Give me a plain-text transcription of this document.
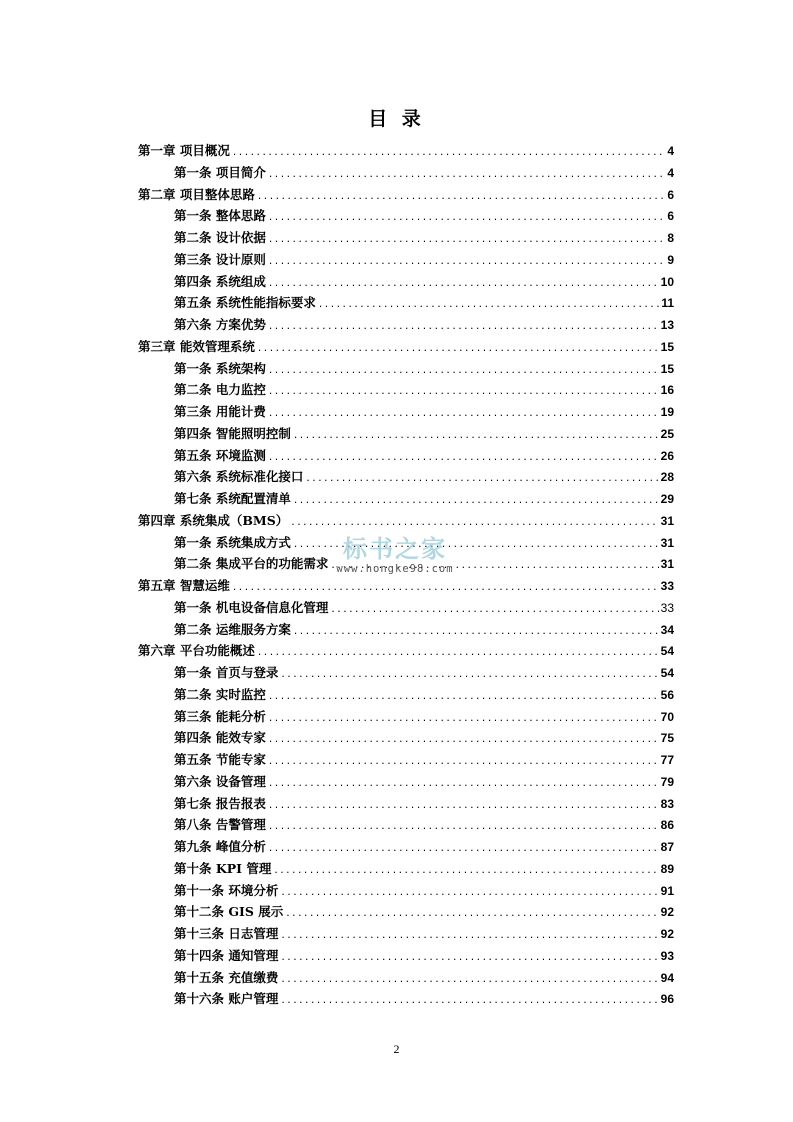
目 录
第一章 项目概况 .....	4
第一条 项目简介 .....	4
第二章 项目整体思路 .....	6
第一条 整体思路 .....	6
第二条 设计依据 .....	8
第三条 设计原则 .....	9
第四条 系统组成 .....	10
第五条 系统性能指标要求 .....	11
第六条 方案优势 .....	13
第三章 能效管理系统 .....	15
第一条 系统架构 .....	15
第二条 电力监控 .....	16
第三条 用能计费 .....	19
第四条 智能照明控制 .....	25
第五条 环境监测 .....	26
第六条 系统标准化接口 .....	28
第七条 系统配置清单 .....	29
第四章 系统集成（BMS） .....	31
第一条 系统集成方式 .....	31
第二条 集成平台的功能需求 .....	31
第五章 智慧运维 .....	33
第一条 机电设备信息化管理 .....	33
第二条 运维服务方案 .....	34
第六章 平台功能概述 .....	54
第一条 首页与登录 .....	54
第二条 实时监控 .....	56
第三条 能耗分析 .....	70
第四条 能效专家 .....	75
第五条 节能专家 .....	77
第六条 设备管理 .....	79
第七条 报告报表 .....	83
第八条 告警管理 .....	86
第九条 峰值分析 .....	87
第十条 KPI 管理 .....	89
第十一条 环境分析 .....	91
第十二条 GIS 展示 .....	92
第十三条 日志管理 .....	92
第十四条 通知管理 .....	93
第十五条 充值缴费 .....	94
第十六条 账户管理 .....	96
标书之家
www.hongke98.com
2
